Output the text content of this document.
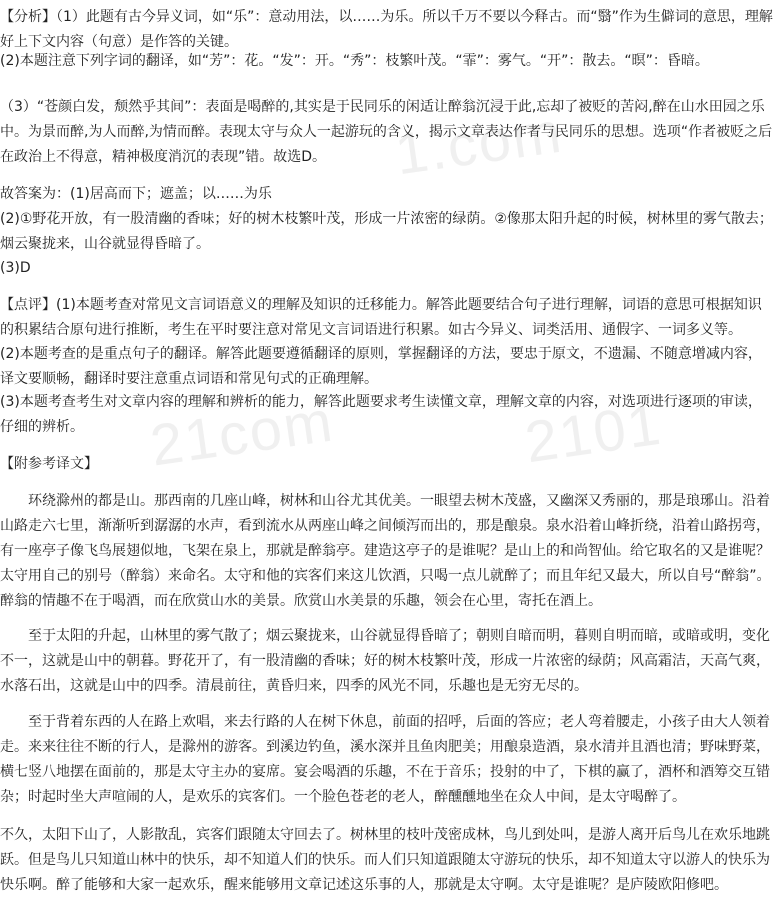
1.com
21com	2101

【分析】（1）此题有古今异义词，如“乐”：意动用法，以……为乐。所以千万不要以今释古。而“翳”作为生僻词的意思，理解好上下文内容（句意）是作答的关键。

(2)本题注意下列字词的翻译，如“芳”：花。“发”：开。“秀”：枝繁叶茂。“霏”：雾气。“开”：散去。“暝”：昏暗。

（3）“苍颜白发，颓然乎其间”：表面是喝醉的,其实是于民同乐的闲适让醉翁沉浸于此,忘却了被贬的苦闷,醉在山水田园之乐中。为景而醉,为人而醉,为情而醉。表现太守与众人一起游玩的含义，揭示文章表达作者与民同乐的思想。选项“作者被贬之后在政治上不得意，精神极度消沉的表现”错。故选D。

故答案为：(1)居高而下；遮盖；以……为乐

(2)①野花开放，有一股清幽的香味；好的树木枝繁叶茂，形成一片浓密的绿荫。②像那太阳升起的时候，树林里的雾气散去；烟云聚拢来，山谷就显得昏暗了。

(3)D

【点评】(1)本题考查对常见文言词语意义的理解及知识的迁移能力。解答此题要结合句子进行理解，词语的意思可根据知识的积累结合原句进行推断，考生在平时要注意对常见文言词语进行积累。如古今异义、词类活用、通假字、一词多义等。

(2)本题考查的是重点句子的翻译。解答此题要遵循翻译的原则，掌握翻译的方法，要忠于原文，不遗漏、不随意增减内容，译文要顺畅，翻译时要注意重点词语和常见句式的正确理解。

(3)本题考查考生对文章内容的理解和辨析的能力，解答此题要求考生读懂文章，理解文章的内容，对选项进行逐项的审读，仔细的辨析。

【附参考译文】

环绕滁州的都是山。那西南的几座山峰，树林和山谷尤其优美。一眼望去树木茂盛，又幽深又秀丽的，那是琅琊山。沿着山路走六七里，渐渐听到潺潺的水声，看到流水从两座山峰之间倾泻而出的，那是酿泉。泉水沿着山峰折绕，沿着山路拐弯，有一座亭子像飞鸟展翅似地，飞架在泉上，那就是醉翁亭。建造这亭子的是谁呢？是山上的和尚智仙。给它取名的又是谁呢？太守用自己的别号（醉翁）来命名。太守和他的宾客们来这儿饮酒，只喝一点儿就醉了；而且年纪又最大，所以自号“醉翁”。醉翁的情趣不在于喝酒，而在欣赏山水的美景。欣赏山水美景的乐趣，领会在心里，寄托在酒上。

至于太阳的升起，山林里的雾气散了；烟云聚拢来，山谷就显得昏暗了；朝则自暗而明，暮则自明而暗，或暗或明，变化不一，这就是山中的朝暮。野花开了，有一股清幽的香味；好的树木枝繁叶茂，形成一片浓密的绿荫；风高霜洁，天高气爽，水落石出，这就是山中的四季。清晨前往，黄昏归来，四季的风光不同，乐趣也是无穷无尽的。

至于背着东西的人在路上欢唱，来去行路的人在树下休息，前面的招呼，后面的答应；老人弯着腰走，小孩子由大人领着走。来来往往不断的行人，是滁州的游客。到溪边钓鱼，溪水深并且鱼肉肥美；用酿泉造酒，泉水清并且酒也清；野味野菜，横七竖八地摆在面前的，那是太守主办的宴席。宴会喝酒的乐趣，不在于音乐；投射的中了，下棋的赢了，酒杯和酒筹交互错杂；时起时坐大声喧闹的人，是欢乐的宾客们。一个脸色苍老的老人，醉醺醺地坐在众人中间，是太守喝醉了。

不久，太阳下山了，人影散乱，宾客们跟随太守回去了。树林里的枝叶茂密成林，鸟儿到处叫，是游人离开后鸟儿在欢乐地跳跃。但是鸟儿只知道山林中的快乐，却不知道人们的快乐。而人们只知道跟随太守游玩的快乐，却不知道太守以游人的快乐为快乐啊。醉了能够和大家一起欢乐，醒来能够用文章记述这乐事的人，那就是太守啊。太守是谁呢？是庐陵欧阳修吧。
